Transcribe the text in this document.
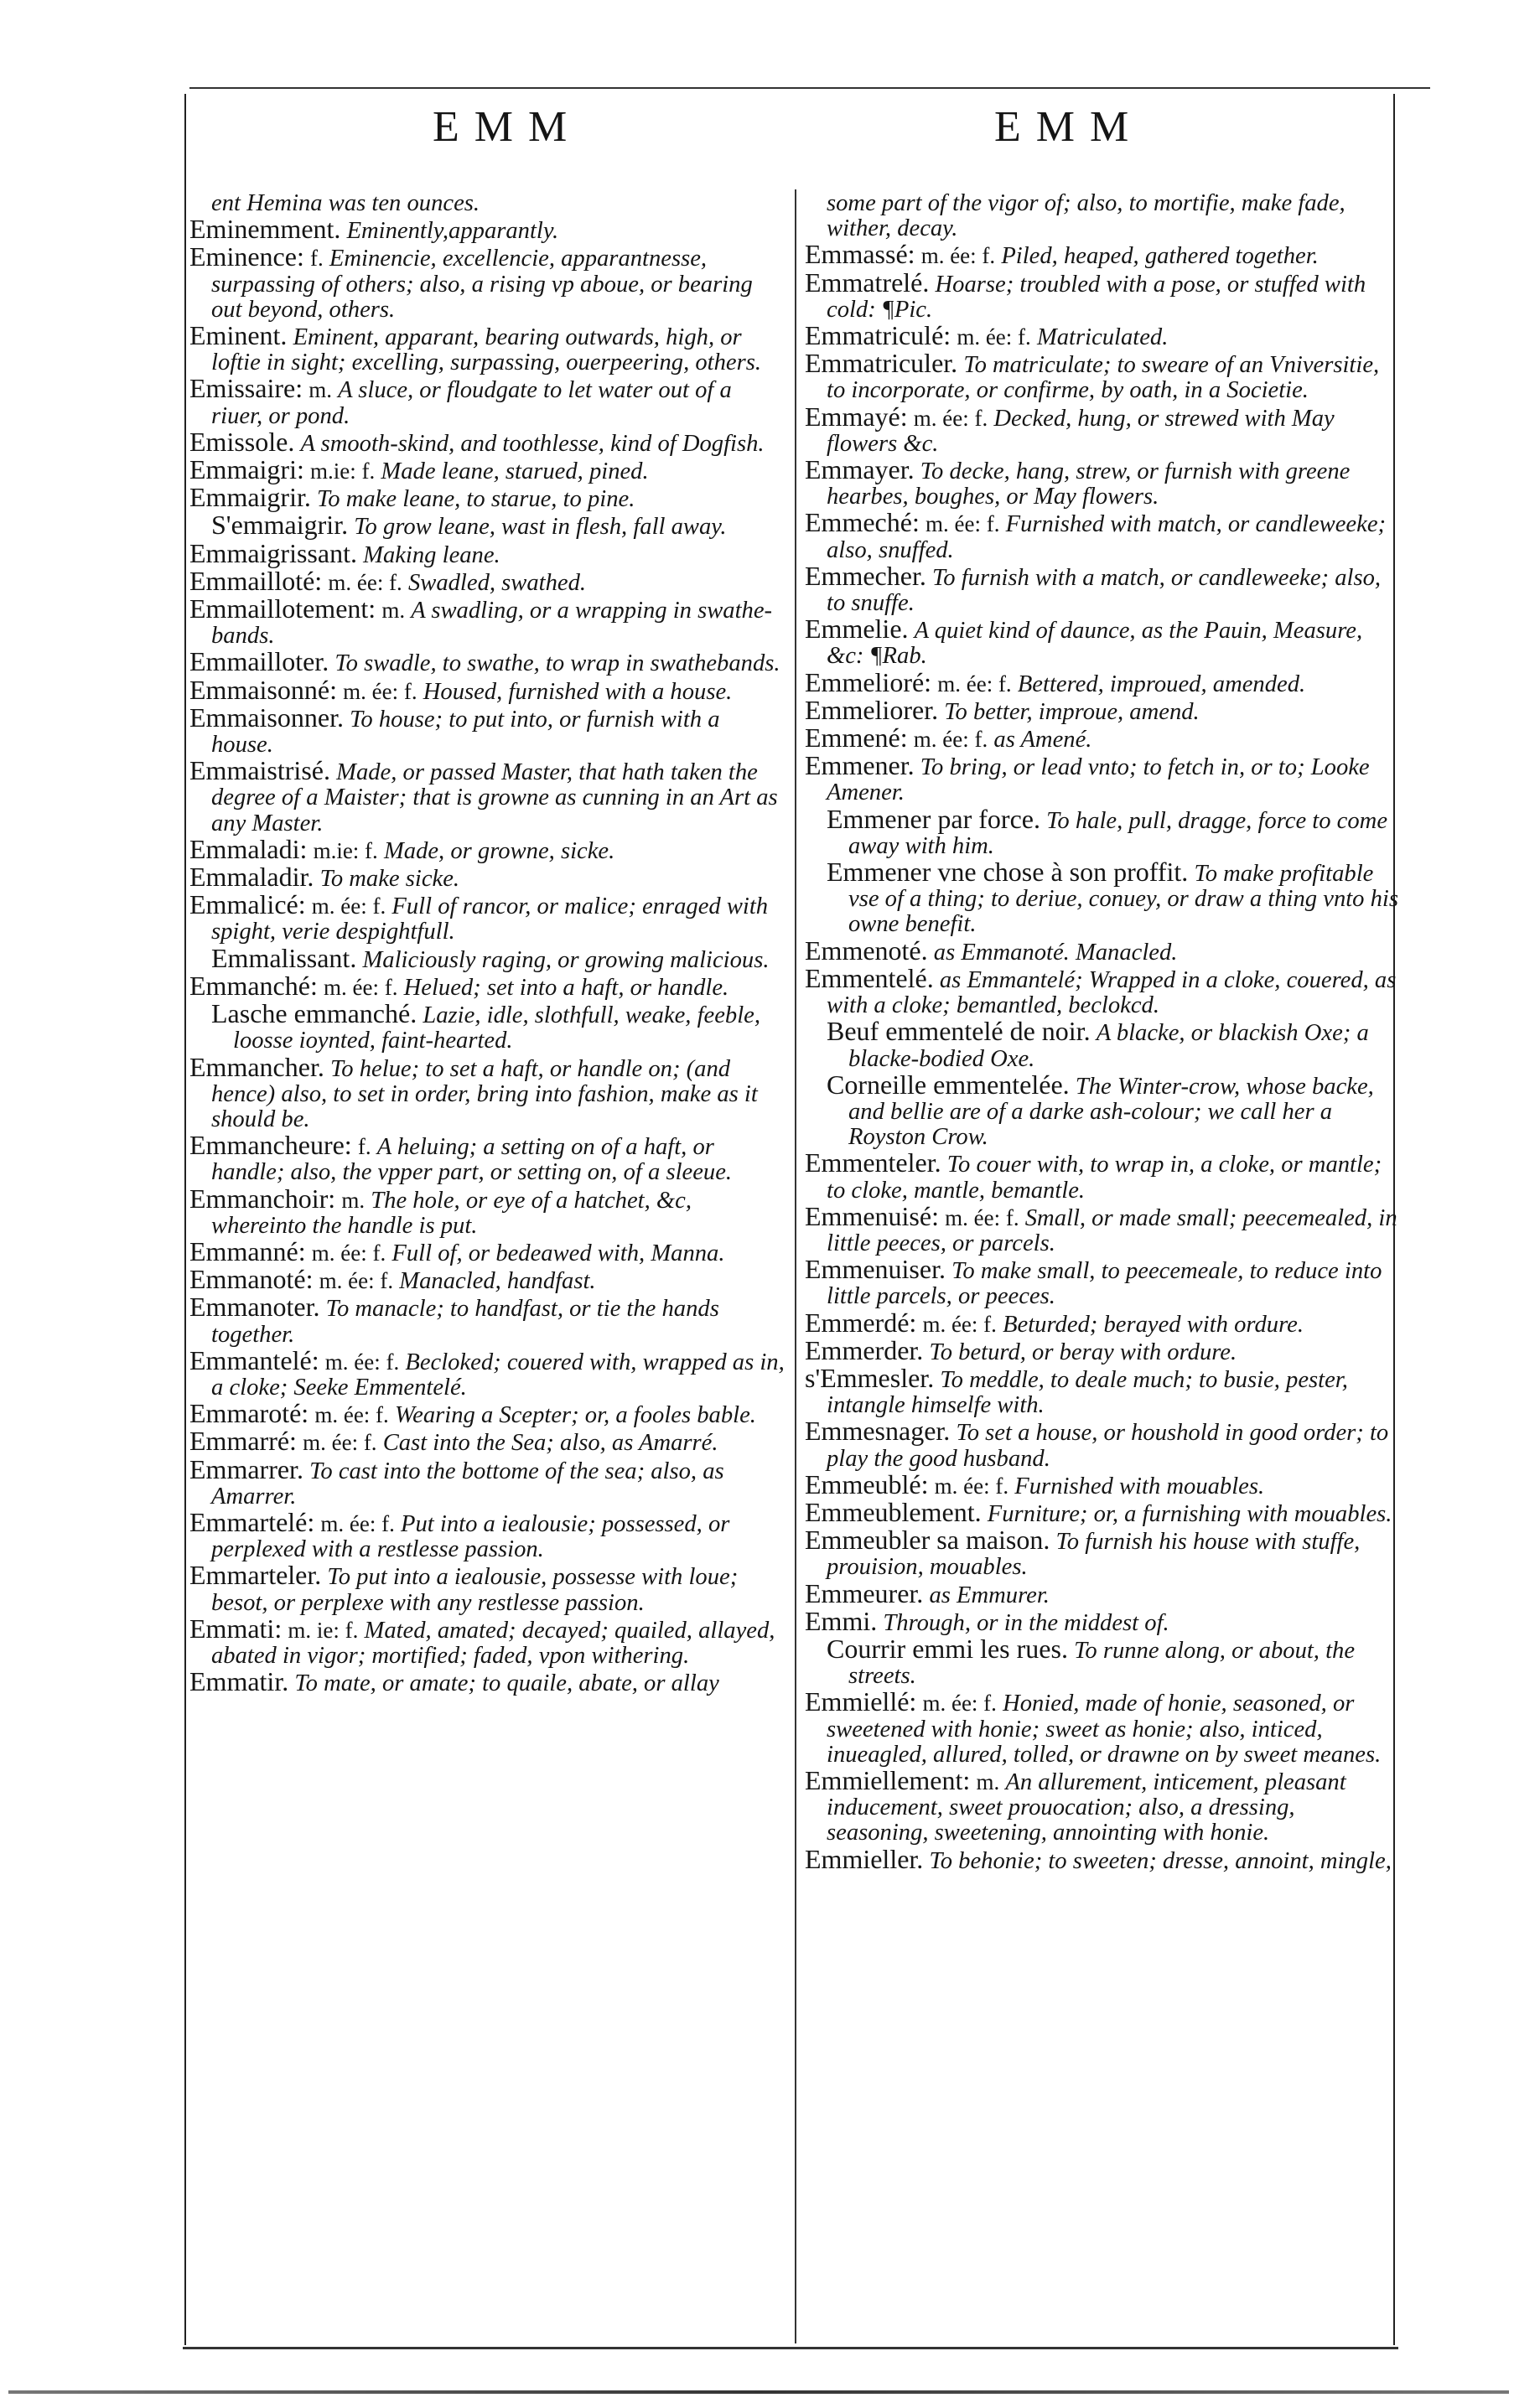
EMM	EMM
ent Hemina was ten ounces.
Eminemment. Eminently,apparantly.
Eminence: f. Eminencie, excellencie, apparantnesse, surpassing of others; also, a rising vp aboue, or bearing out beyond, others.
Eminent. Eminent, apparant, bearing outwards, high, or loftie in sight; excelling, surpassing, ouerpeering, others.
Emissaire: m. A sluce, or floudgate to let water out of a riuer, or pond.
Emissole. A smooth-skind, and toothlesse, kind of Dogfish.
Emmaigri: m.ie: f. Made leane, starued, pined.
Emmaigrir. To make leane, to starue, to pine.
S'emmaigrir. To grow leane, wast in flesh, fall away.
Emmaigrissant. Making leane.
Emmailloté: m. ée: f. Swadled, swathed.
Emmaillotement: m. A swadling, or a wrapping in swathe-bands.
Emmailloter. To swadle, to swathe, to wrap in swathebands.
Emmaisonné: m. ée: f. Housed, furnished with a house.
Emmaisonner. To house; to put into, or furnish with a house.
Emmaistrisé. Made, or passed Master, that hath taken the degree of a Maister; that is growne as cunning in an Art as any Master.
Emmaladi: m.ie: f. Made, or growne, sicke.
Emmaladir. To make sicke.
Emmalicé: m. ée: f. Full of rancor, or malice; enraged with spight, verie despightfull.
Emmalissant. Maliciously raging, or growing malicious.
Emmanché: m. ée: f. Helued; set into a haft, or handle.
Lasche emmanché. Lazie, idle, slothfull, weake, feeble, loosse ioynted, faint-hearted.
Emmancher. To helue; to set a haft, or handle on; (and hence) also, to set in order, bring into fashion, make as it should be.
Emmancheure: f. A heluing; a setting on of a haft, or handle; also, the vpper part, or setting on, of a sleeue.
Emmanchoir: m. The hole, or eye of a hatchet, &c, whereinto the handle is put.
Emmanné: m. ée: f. Full of, or bedeawed with, Manna.
Emmanoté: m. ée: f. Manacled, handfast.
Emmanoter. To manacle; to handfast, or tie the hands together.
Emmantelé: m. ée: f. Becloked; couered with, wrapped as in, a cloke; Seeke Emmentelé.
Emmaroté: m. ée: f. Wearing a Scepter; or, a fooles bable.
Emmarré: m. ée: f. Cast into the Sea; also, as Amarré.
Emmarrer. To cast into the bottome of the sea; also, as Amarrer.
Emmartelé: m. ée: f. Put into a iealousie; possessed, or perplexed with a restlesse passion.
Emmarteler. To put into a iealousie, possesse with loue; besot, or perplexe with any restlesse passion.
Emmati: m. ie: f. Mated, amated; decayed; quailed, allayed, abated in vigor; mortified; faded, vpon withering.
Emmatir. To mate, or amate; to quaile, abate, or allay
some part of the vigor of; also, to mortifie, make fade, wither, decay.
Emmassé: m. ée: f. Piled, heaped, gathered together.
Emmatrelé. Hoarse; troubled with a pose, or stuffed with cold: ¶Pic.
Emmatriculé: m. ée: f. Matriculated.
Emmatriculer. To matriculate; to sweare of an Vniversitie, to incorporate, or confirme, by oath, in a Societie.
Emmayé: m. ée: f. Decked, hung, or strewed with May flowers &c.
Emmayer. To decke, hang, strew, or furnish with greene hearbes, boughes, or May flowers.
Emmeché: m. ée: f. Furnished with match, or candleweeke; also, snuffed.
Emmecher. To furnish with a match, or candleweeke; also, to snuffe.
Emmelie. A quiet kind of daunce, as the Pauin, Measure, &c: ¶Rab.
Emmelioré: m. ée: f. Bettered, improued, amended.
Emmeliorer. To better, improue, amend.
Emmené: m. ée: f. as Amené.
Emmener. To bring, or lead vnto; to fetch in, or to; Looke Amener.
Emmener par force. To hale, pull, dragge, force to come away with him.
Emmener vne chose à son proffit. To make profitable vse of a thing; to deriue, conuey, or draw a thing vnto his owne benefit.
Emmenoté. as Emmanoté. Manacled.
Emmentelé. as Emmantelé; Wrapped in a cloke, couered, as with a cloke; bemantled, beclokcd.
Beuf emmentelé de noir. A blacke, or blackish Oxe; a blacke-bodied Oxe.
Corneille emmentelée. The Winter-crow, whose backe, and bellie are of a darke ash-colour; we call her a Royston Crow.
Emmenteler. To couer with, to wrap in, a cloke, or mantle; to cloke, mantle, bemantle.
Emmenuisé: m. ée: f. Small, or made small; peecemealed, in little peeces, or parcels.
Emmenuiser. To make small, to peecemeale, to reduce into little parcels, or peeces.
Emmerdé: m. ée: f. Beturded; berayed with ordure.
Emmerder. To beturd, or beray with ordure.
s'Emmesler. To meddle, to deale much; to busie, pester, intangle himselfe with.
Emmesnager. To set a house, or houshold in good order; to play the good husband.
Emmeublé: m. ée: f. Furnished with mouables.
Emmeublement. Furniture; or, a furnishing with mouables.
Emmeubler sa maison. To furnish his house with stuffe, prouision, mouables.
Emmeurer. as Emmurer.
Emmi. Through, or in the middest of.
Courrir emmi les rues. To runne along, or about, the streets.
Emmiellé: m. ée: f. Honied, made of honie, seasoned, or sweetened with honie; sweet as honie; also, inticed, inueagled, allured, tolled, or drawne on by sweet meanes.
Emmiellement: m. An allurement, inticement, pleasant inducement, sweet prouocation; also, a dressing, seasoning, sweetening, annointing with honie.
Emmieller. To behonie; to sweeten; dresse, annoint, mingle,
